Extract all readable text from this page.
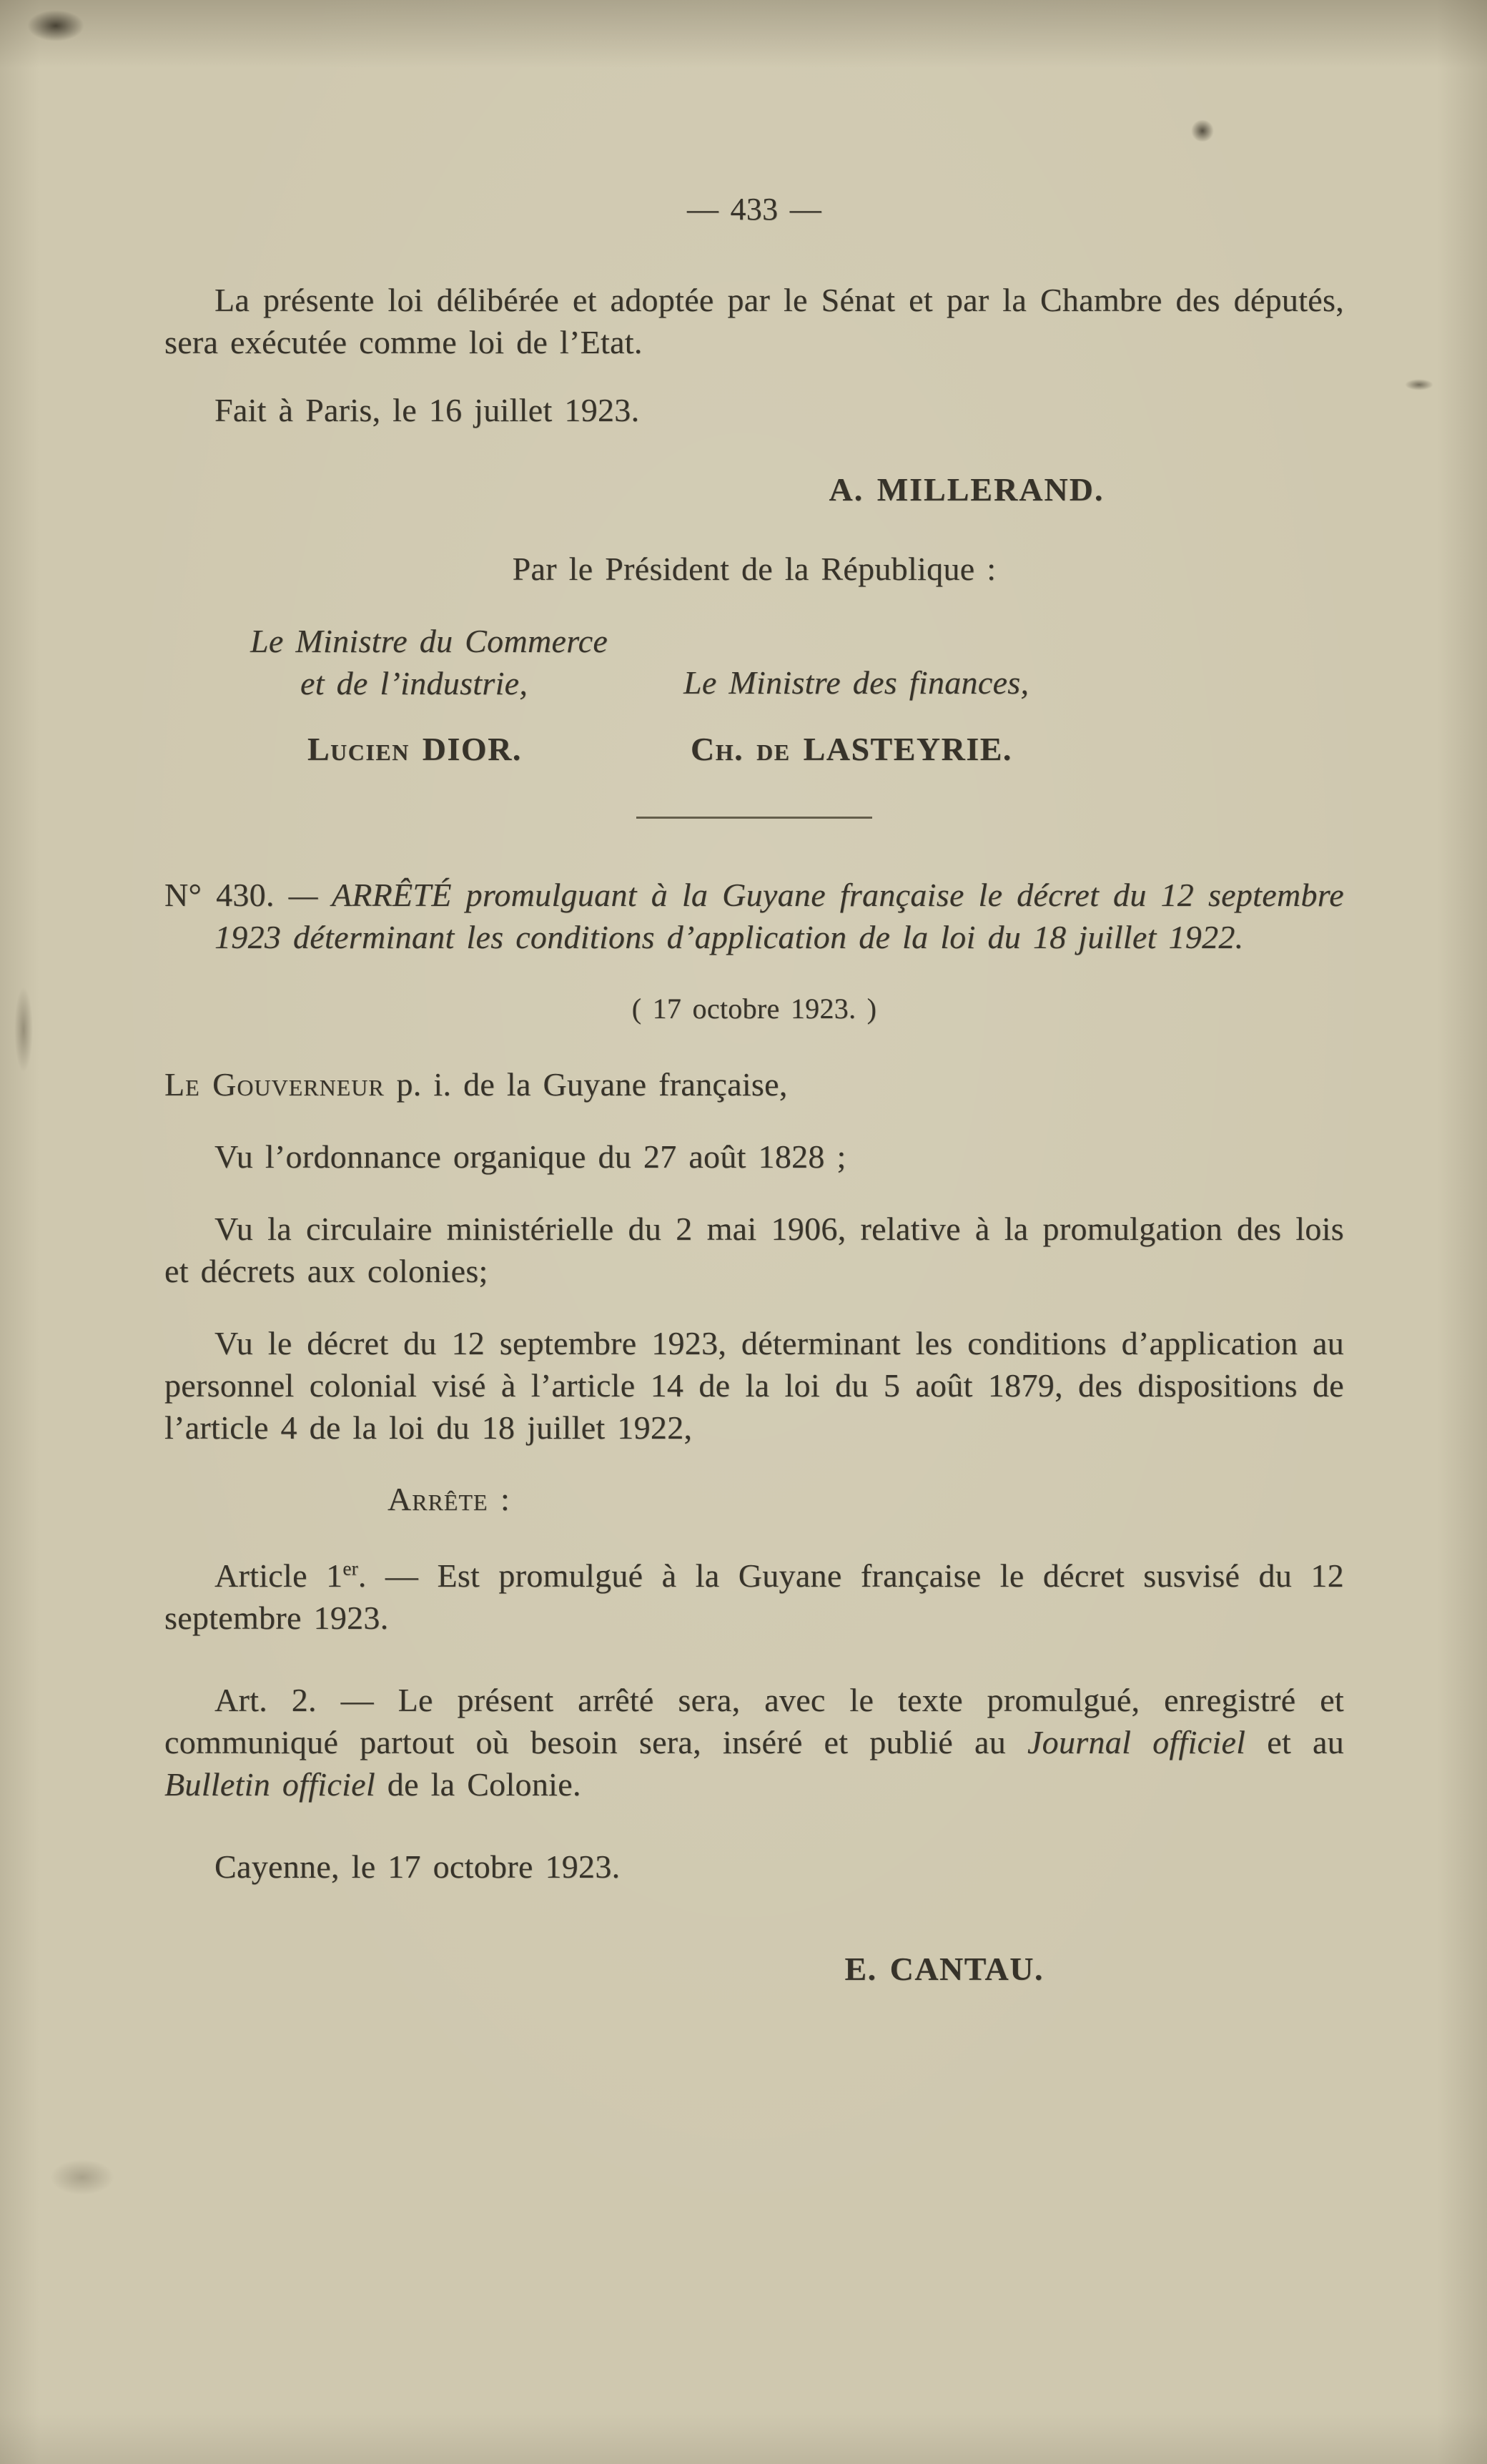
— 433 —

La présente loi délibérée et adoptée par le Sénat et par la Chambre des députés, sera exécutée comme loi de l’Etat.

Fait à Paris, le 16 juillet 1923.

A. MILLERAND.
Par le Président de la République :
Le Ministre du Commerce
et de l’industrie,
Lucien DIOR.
Le Ministre des finances,
Ch. de LASTEYRIE.

N° 430. — ARRÊTÉ promulguant à la Guyane française le décret du 12 septembre 1923 déterminant les conditions d’application de la loi du 18 juillet 1922.

( 17 octobre 1923. )

Le Gouverneur p. i. de la Guyane française,

Vu l’ordonnance organique du 27 août 1828 ;

Vu la circulaire ministérielle du 2 mai 1906, relative à la promulgation des lois et décrets aux colonies;

Vu le décret du 12 septembre 1923, déterminant les conditions d’application au personnel colonial visé à l’article 14 de la loi du 5 août 1879, des dispositions de l’article 4 de la loi du 18 juillet 1922,

Arrête :

Article 1er. — Est promulgué à la Guyane française le décret susvisé du 12 septembre 1923.

Art. 2. — Le présent arrêté sera, avec le texte promulgué, enregistré et communiqué partout où besoin sera, inséré et publié au Journal officiel et au Bulletin officiel de la Colonie.

Cayenne, le 17 octobre 1923.

E. CANTAU.
